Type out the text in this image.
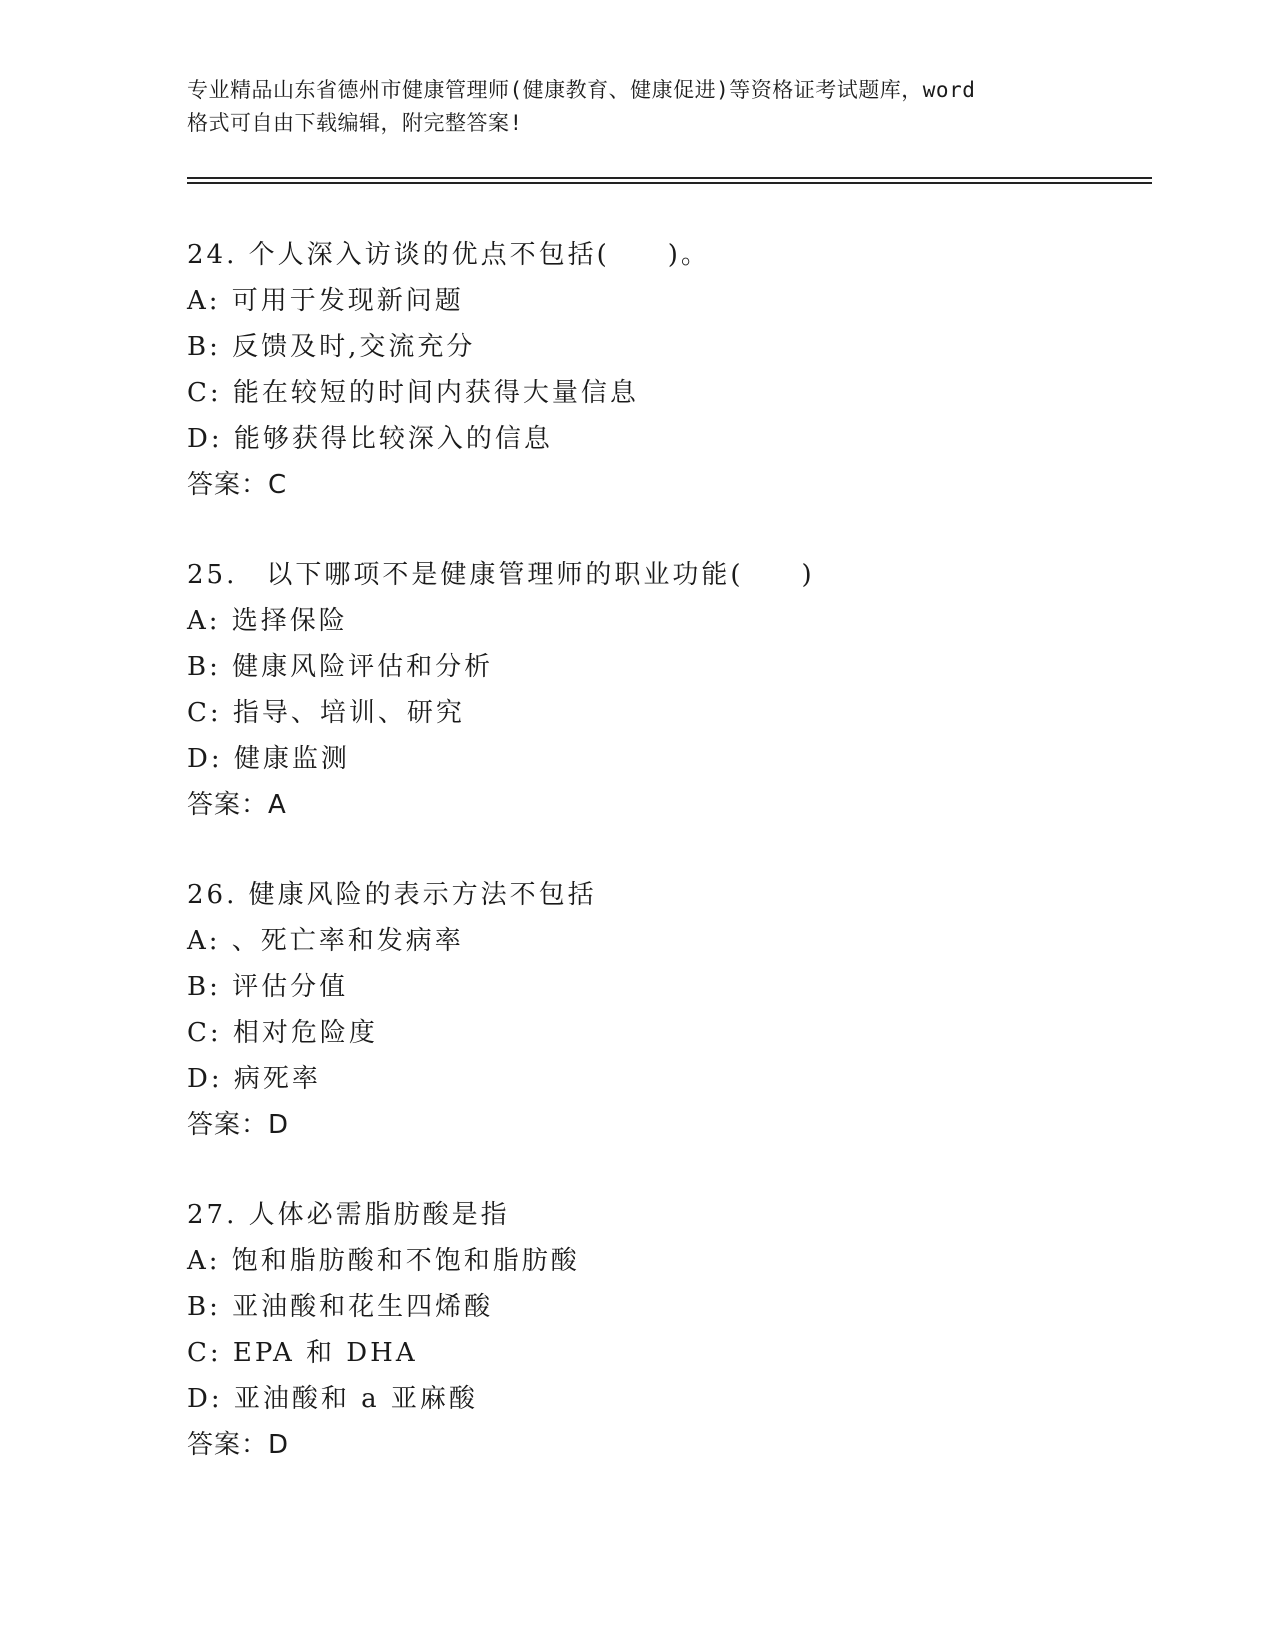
专业精品山东省德州市健康管理师(健康教育、健康促进)等资格证考试题库，word
格式可自由下载编辑，附完整答案!
24. 个人深入访谈的优点不包括(　　)。
A: 可用于发现新问题
B: 反馈及时,交流充分
C: 能在较短的时间内获得大量信息
D: 能够获得比较深入的信息
答案：C
25.　以下哪项不是健康管理师的职业功能(　　)
A: 选择保险
B: 健康风险评估和分析
C: 指导、培训、研究
D: 健康监测
答案：A
26. 健康风险的表示方法不包括
A: 、死亡率和发病率
B: 评估分值
C: 相对危险度
D: 病死率
答案：D
27. 人体必需脂肪酸是指
A: 饱和脂肪酸和不饱和脂肪酸
B: 亚油酸和花生四烯酸
C: EPA 和 DHA
D: 亚油酸和 a 亚麻酸
答案：D
